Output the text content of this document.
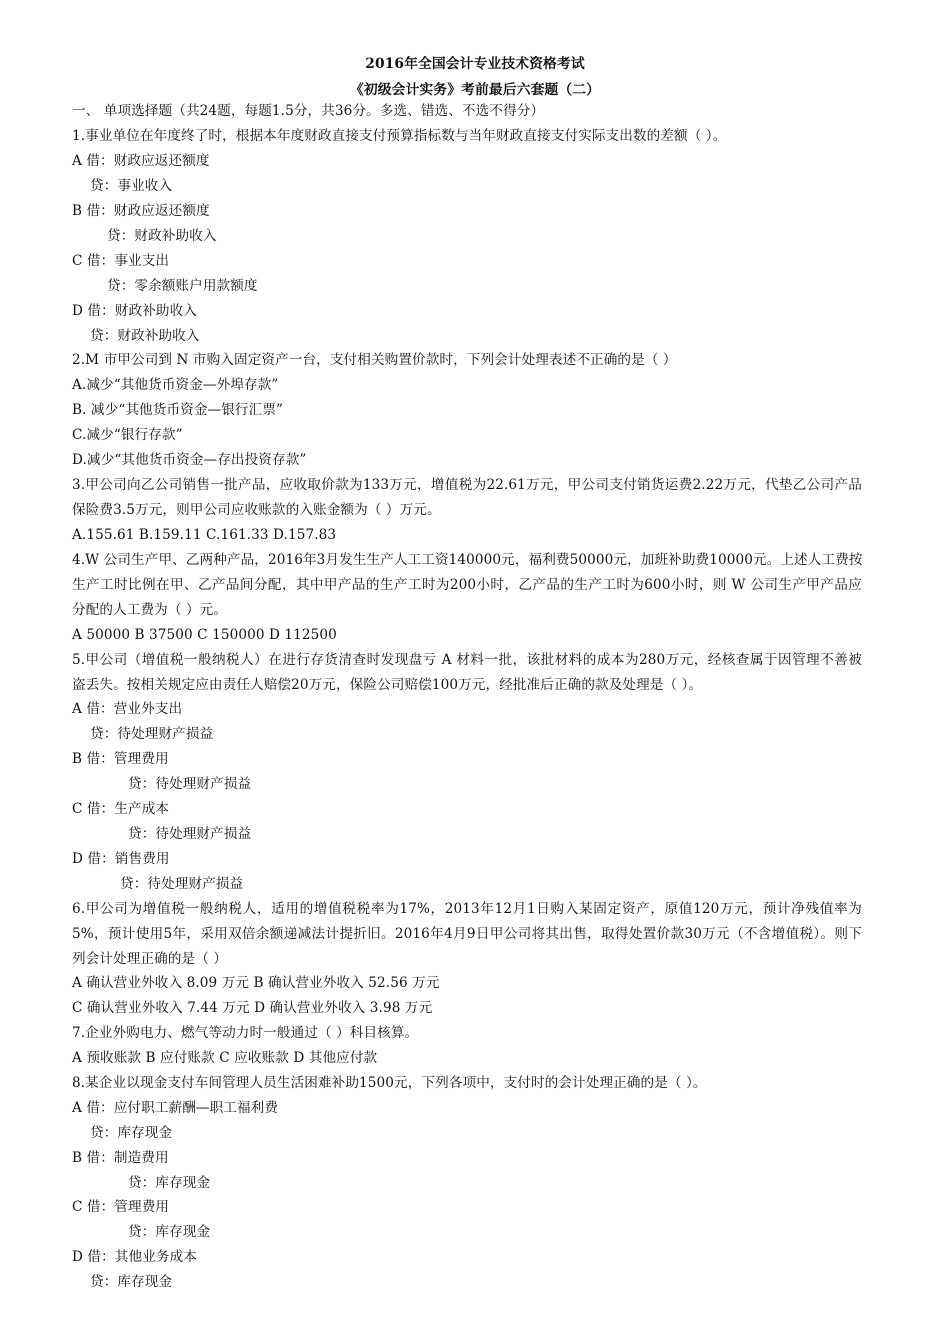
2016年全国会计专业技术资格考试
《初级会计实务》考前最后六套题（二）
一、 单项选择题（共24题，每题1.5分，共36分。多选、错选、不选不得分）
1.事业单位在年度终了时，根据本年度财政直接支付预算指标数与当年财政直接支付实际支出数的差额（ ）。
A 借：财政应返还额度
贷：事业收入
B 借：财政应返还额度
贷：财政补助收入
C 借：事业支出
贷：零余额账户用款额度
D 借：财政补助收入
贷：财政补助收入
2.M 市甲公司到 N 市购入固定资产一台，支付相关购置价款时，下列会计处理表述不正确的是（ ）
A.减少“其他货币资金—外埠存款”
B. 减少“其他货币资金—银行汇票”
C.减少“银行存款”
D.减少“其他货币资金—存出投资存款”
3.甲公司向乙公司销售一批产品，应收取价款为133万元，增值税为22.61万元，甲公司支付销货运费2.22万元，代垫乙公司产品
保险费3.5万元，则甲公司应收账款的入账金额为（ ）万元。
A.155.61 B.159.11 C.161.33 D.157.83
4.W 公司生产甲、乙两种产品，2016年3月发生生产人工工资140000元，福利费50000元，加班补助费10000元。上述人工费按
生产工时比例在甲、乙产品间分配，其中甲产品的生产工时为200小时，乙产品的生产工时为600小时，则 W 公司生产甲产品应
分配的人工费为（ ）元。
A 50000 B 37500 C 150000 D 112500
5.甲公司（增值税一般纳税人）在进行存货清查时发现盘亏 A 材料一批，该批材料的成本为280万元，经核查属于因管理不善被
盗丢失。按相关规定应由责任人赔偿20万元，保险公司赔偿100万元，经批准后正确的款及处理是（ ）。
A 借：营业外支出
贷：待处理财产损益
B 借：管理费用
贷：待处理财产损益
C 借：生产成本
贷：待处理财产损益
D 借：销售费用
贷：待处理财产损益
6.甲公司为增值税一般纳税人，适用的增值税税率为17%，2013年12月1日购入某固定资产，原值120万元，预计净残值率为
5%，预计使用5年，采用双倍余额递减法计提折旧。2016年4月9日甲公司将其出售，取得处置价款30万元（不含增值税）。则下
列会计处理正确的是（ ）
A 确认营业外收入 8.09 万元 B 确认营业外收入 52.56 万元
C 确认营业外收入 7.44 万元 D 确认营业外收入 3.98 万元
7.企业外购电力、燃气等动力时一般通过（ ）科目核算。
A 预收账款 B 应付账款 C 应收账款 D 其他应付款
8.某企业以现金支付车间管理人员生活困难补助1500元，下列各项中，支付时的会计处理正确的是（ ）。
A 借：应付职工薪酬—职工福利费
贷：库存现金
B 借：制造费用
贷：库存现金
C 借：管理费用
贷：库存现金
D 借：其他业务成本
贷：库存现金
